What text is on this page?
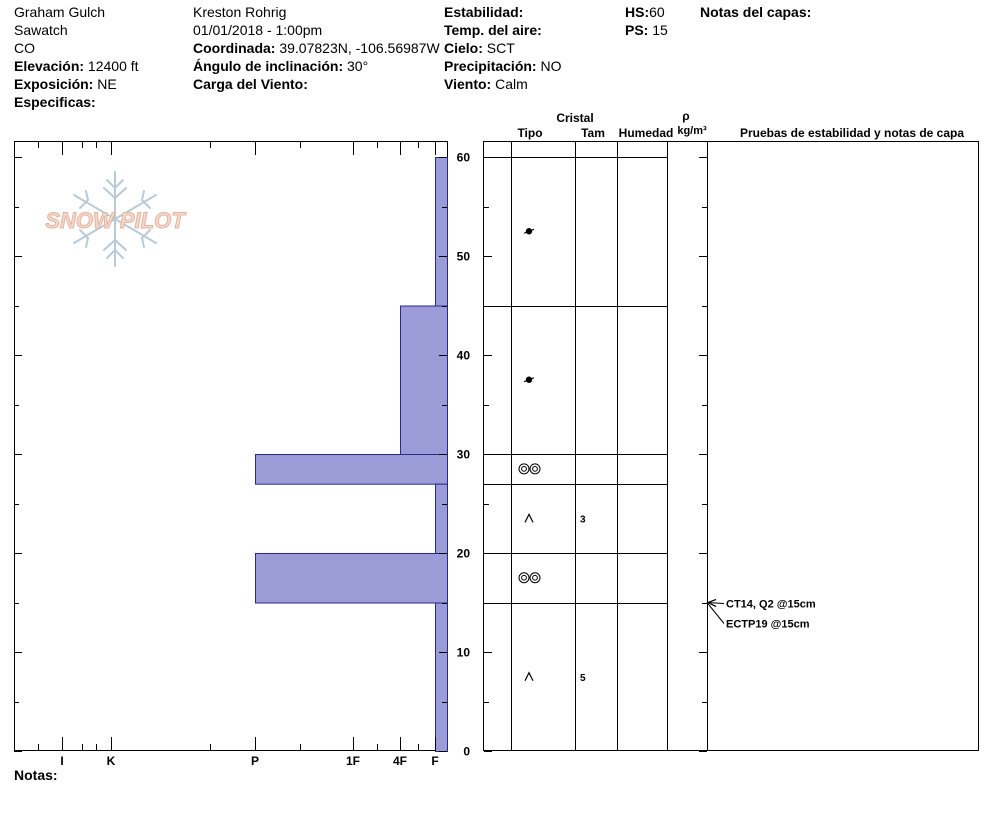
Graham Gulch
Sawatch
CO
Elevación: 12400 ft
Exposición: NE
Especificas:
Kreston Rohrig
01/01/2018 - 1:00pm
Coordinada: 39.07823N, -106.56987W
Ángulo de inclinación: 30°
Carga del Viento:
Estabilidad:
Temp. del aire:
Cielo: SCT
Precipitación: NO
Viento: Calm
HS:60
PS: 15
Notas del capas:
SNOW PILOT
Notas:
I	K	P	1F	4F F
0
10
20
30
40
50
60
Cristal
Tipo	Tam Humedad
ρ
kg/m³	Pruebas de estabilidad y notas de capa
3
5
CT14, Q2 @15cm
ECTP19 @15cm
